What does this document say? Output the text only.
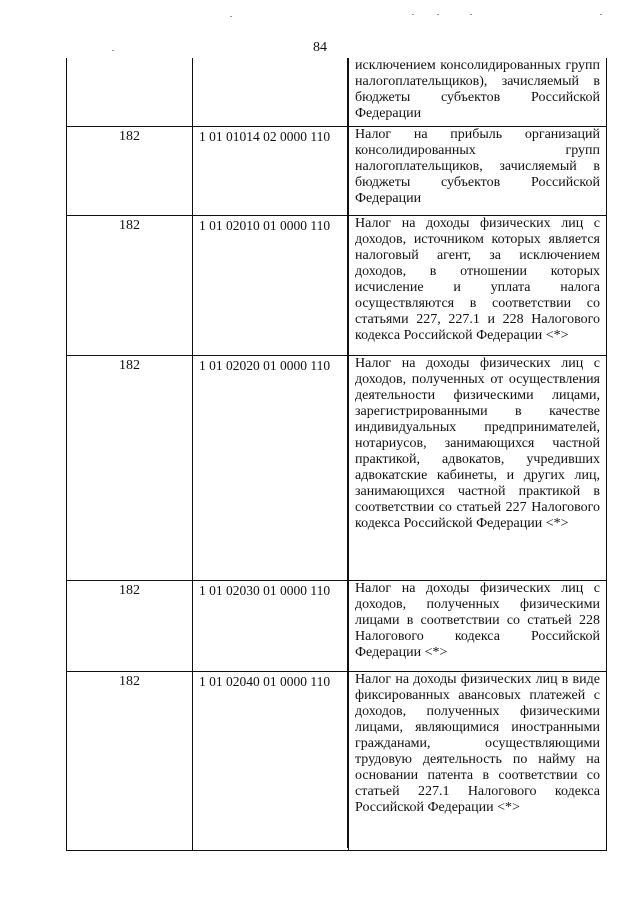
84
исключением консолидированных групп налогоплательщиков), зачисляемый в бюджеты субъектов Российской Федерации
182	1 01 01014 02 0000 110	Налог на прибыль организаций консолидированных групп налогоплательщиков, зачисляемый в бюджеты субъектов Российской Федерации
182	1 01 02010 01 0000 110	Налог на доходы физических лиц с доходов, источником которых является налоговый агент, за исключением доходов, в отношении которых исчисление и уплата налога осуществляются в соответствии со статьями 227, 227.1 и 228 Налогового кодекса Российской Федерации <*>
182	1 01 02020 01 0000 110	Налог на доходы физических лиц с доходов, полученных от осуществления деятельности физическими лицами, зарегистрированными в качестве индивидуальных предпринимателей, нотариусов, занимающихся частной практикой, адвокатов, учредивших адвокатские кабинеты, и других лиц, занимающихся частной практикой в соответствии со статьей 227 Налогового кодекса Российской Федерации <*>
182	1 01 02030 01 0000 110	Налог на доходы физических лиц с доходов, полученных физическими лицами в соответствии со статьей 228 Налогового кодекса Российской Федерации <*>
182	1 01 02040 01 0000 110	Налог на доходы физических лиц в виде фиксированных авансовых платежей с доходов, полученных физическими лицами, являющимися иностранными гражданами, осуществляющими трудовую деятельность по найму на основании патента в соответствии со статьей 227.1 Налогового кодекса Российской Федерации <*>
